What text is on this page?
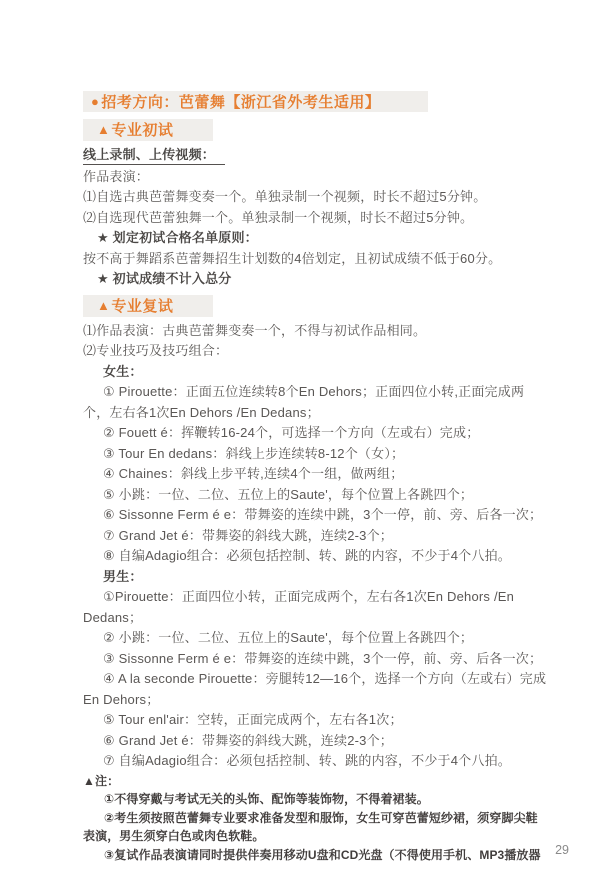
● 招考方向：芭蕾舞【浙江省外考生适用】
▲专业初试
线上录制、上传视频：
作品表演：
⑴自选古典芭蕾舞变奏一个。单独录制一个视频，时长不超过5分钟。
⑵自选现代芭蕾独舞一个。单独录制一个视频，时长不超过5分钟。
★ 划定初试合格名单原则：
按不高于舞蹈系芭蕾舞招生计划数的4倍划定，且初试成绩不低于60分。
★ 初试成绩不计入总分
▲专业复试
⑴作品表演：古典芭蕾舞变奏一个，不得与初试作品相同。
⑵专业技巧及技巧组合：
女生：
① Pirouette：正面五位连续转8个En Dehors；正面四位小转,正面完成两个，左右各1次En Dehors /En Dedans；
② Fouett é：挥鞭转16-24个，可选择一个方向（左或右）完成；
③ Tour En dedans：斜线上步连续转8-12个（女）；
④ Chaines：斜线上步平转,连续4个一组，做两组；
⑤ 小跳：一位、二位、五位上的Saute'，每个位置上各跳四个；
⑥ Sissonne Ferm é e：带舞姿的连续中跳，3个一停，前、旁、后各一次；
⑦ Grand Jet é：带舞姿的斜线大跳，连续2-3个；
⑧ 自编Adagio组合：必须包括控制、转、跳的内容，不少于4个八拍。
男生：
①Pirouette：正面四位小转，正面完成两个，左右各1次En Dehors /En Dedans；
② 小跳：一位、二位、五位上的Saute'，每个位置上各跳四个；
③ Sissonne Ferm é e：带舞姿的连续中跳，3个一停，前、旁、后各一次；
④ A la seconde Pirouette：旁腿转12—16个，选择一个方向（左或右）完成En Dehors；
⑤ Tour enl'air：空转，正面完成两个，左右各1次；
⑥ Grand Jet é：带舞姿的斜线大跳，连续2-3个；
⑦ 自编Adagio组合：必须包括控制、转、跳的内容，不少于4个八拍。
▲注：
①不得穿戴与考试无关的头饰、配饰等装饰物，不得着裙装。
②考生须按照芭蕾舞专业要求准备发型和服饰，女生可穿芭蕾短纱裙，须穿脚尖鞋表演，男生须穿白色或肉色软鞋。
③复试作品表演请同时提供伴奏用移动U盘和CD光盘（不得使用手机、MP3播放器	29
